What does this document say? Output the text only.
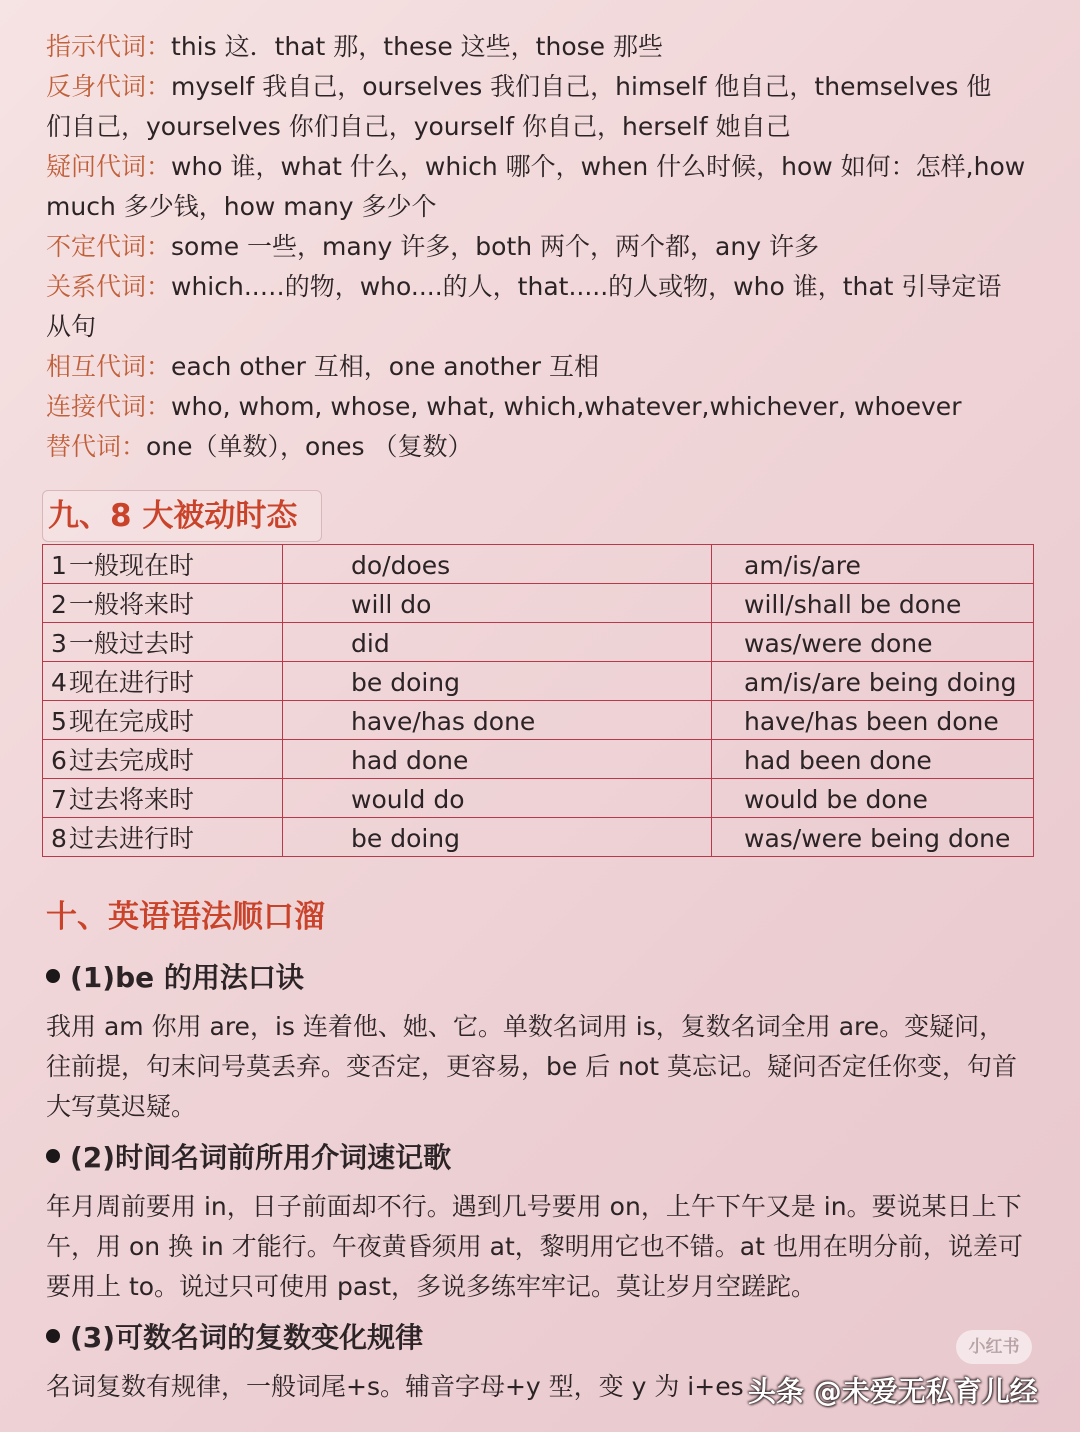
指示代词：this 这．that 那，these 这些，those 那些
反身代词：myself 我自己，ourselves 我们自己，himself 他自己，themselves 他
们自己，yourselves 你们自己，yourself 你自己，herself 她自己
疑问代词：who 谁，what 什么，which 哪个，when 什么时候，how 如何：怎样,how
much 多少钱，how many 多少个
不定代词：some 一些，many 许多，both 两个，两个都，any 许多
关系代词：which..…的物，who....的人，that.....的人或物，who 谁，that 引导定语
从句
相互代词：each other 互相，one another 互相
连接代词：who, whom, whose, what, which,whatever,whichever, whoever
替代词：one（单数），ones （复数）
九、8 大被动时态
1一般现在时	do/does	am/is/are
2一般将来时	will do	will/shall be done
3一般过去时	did	was/were done
4现在进行时	be doing	am/is/are being doing
5现在完成时	have/has done	have/has been done
6过去完成时	had done	had been done
7过去将来时	would do	would be done
8过去进行时	be doing	was/were being done
十、英语语法顺口溜
(1)be 的用法口诀
我用 am 你用 are，is 连着他、她、它。单数名词用 is，复数名词全用 are。变疑问，
往前提，句末问号莫丢弃。变否定，更容易，be 后 not 莫忘记。疑问否定任你变，句首
大写莫迟疑。
(2)时间名词前所用介词速记歌
年月周前要用 in，日子前面却不行。遇到几号要用 on，上午下午又是 in。要说某日上下
午，用 on 换 in 才能行。午夜黄昏须用 at，黎明用它也不错。at 也用在明分前，说差可
要用上 to。说过只可使用 past，多说多练牢牢记。莫让岁月空蹉跎。
(3)可数名词的复数变化规律
名词复数有规律，一般词尾+s。辅音字母+y 型，变 y 为 i+es
小红书
头条 @未爱无私育儿经
